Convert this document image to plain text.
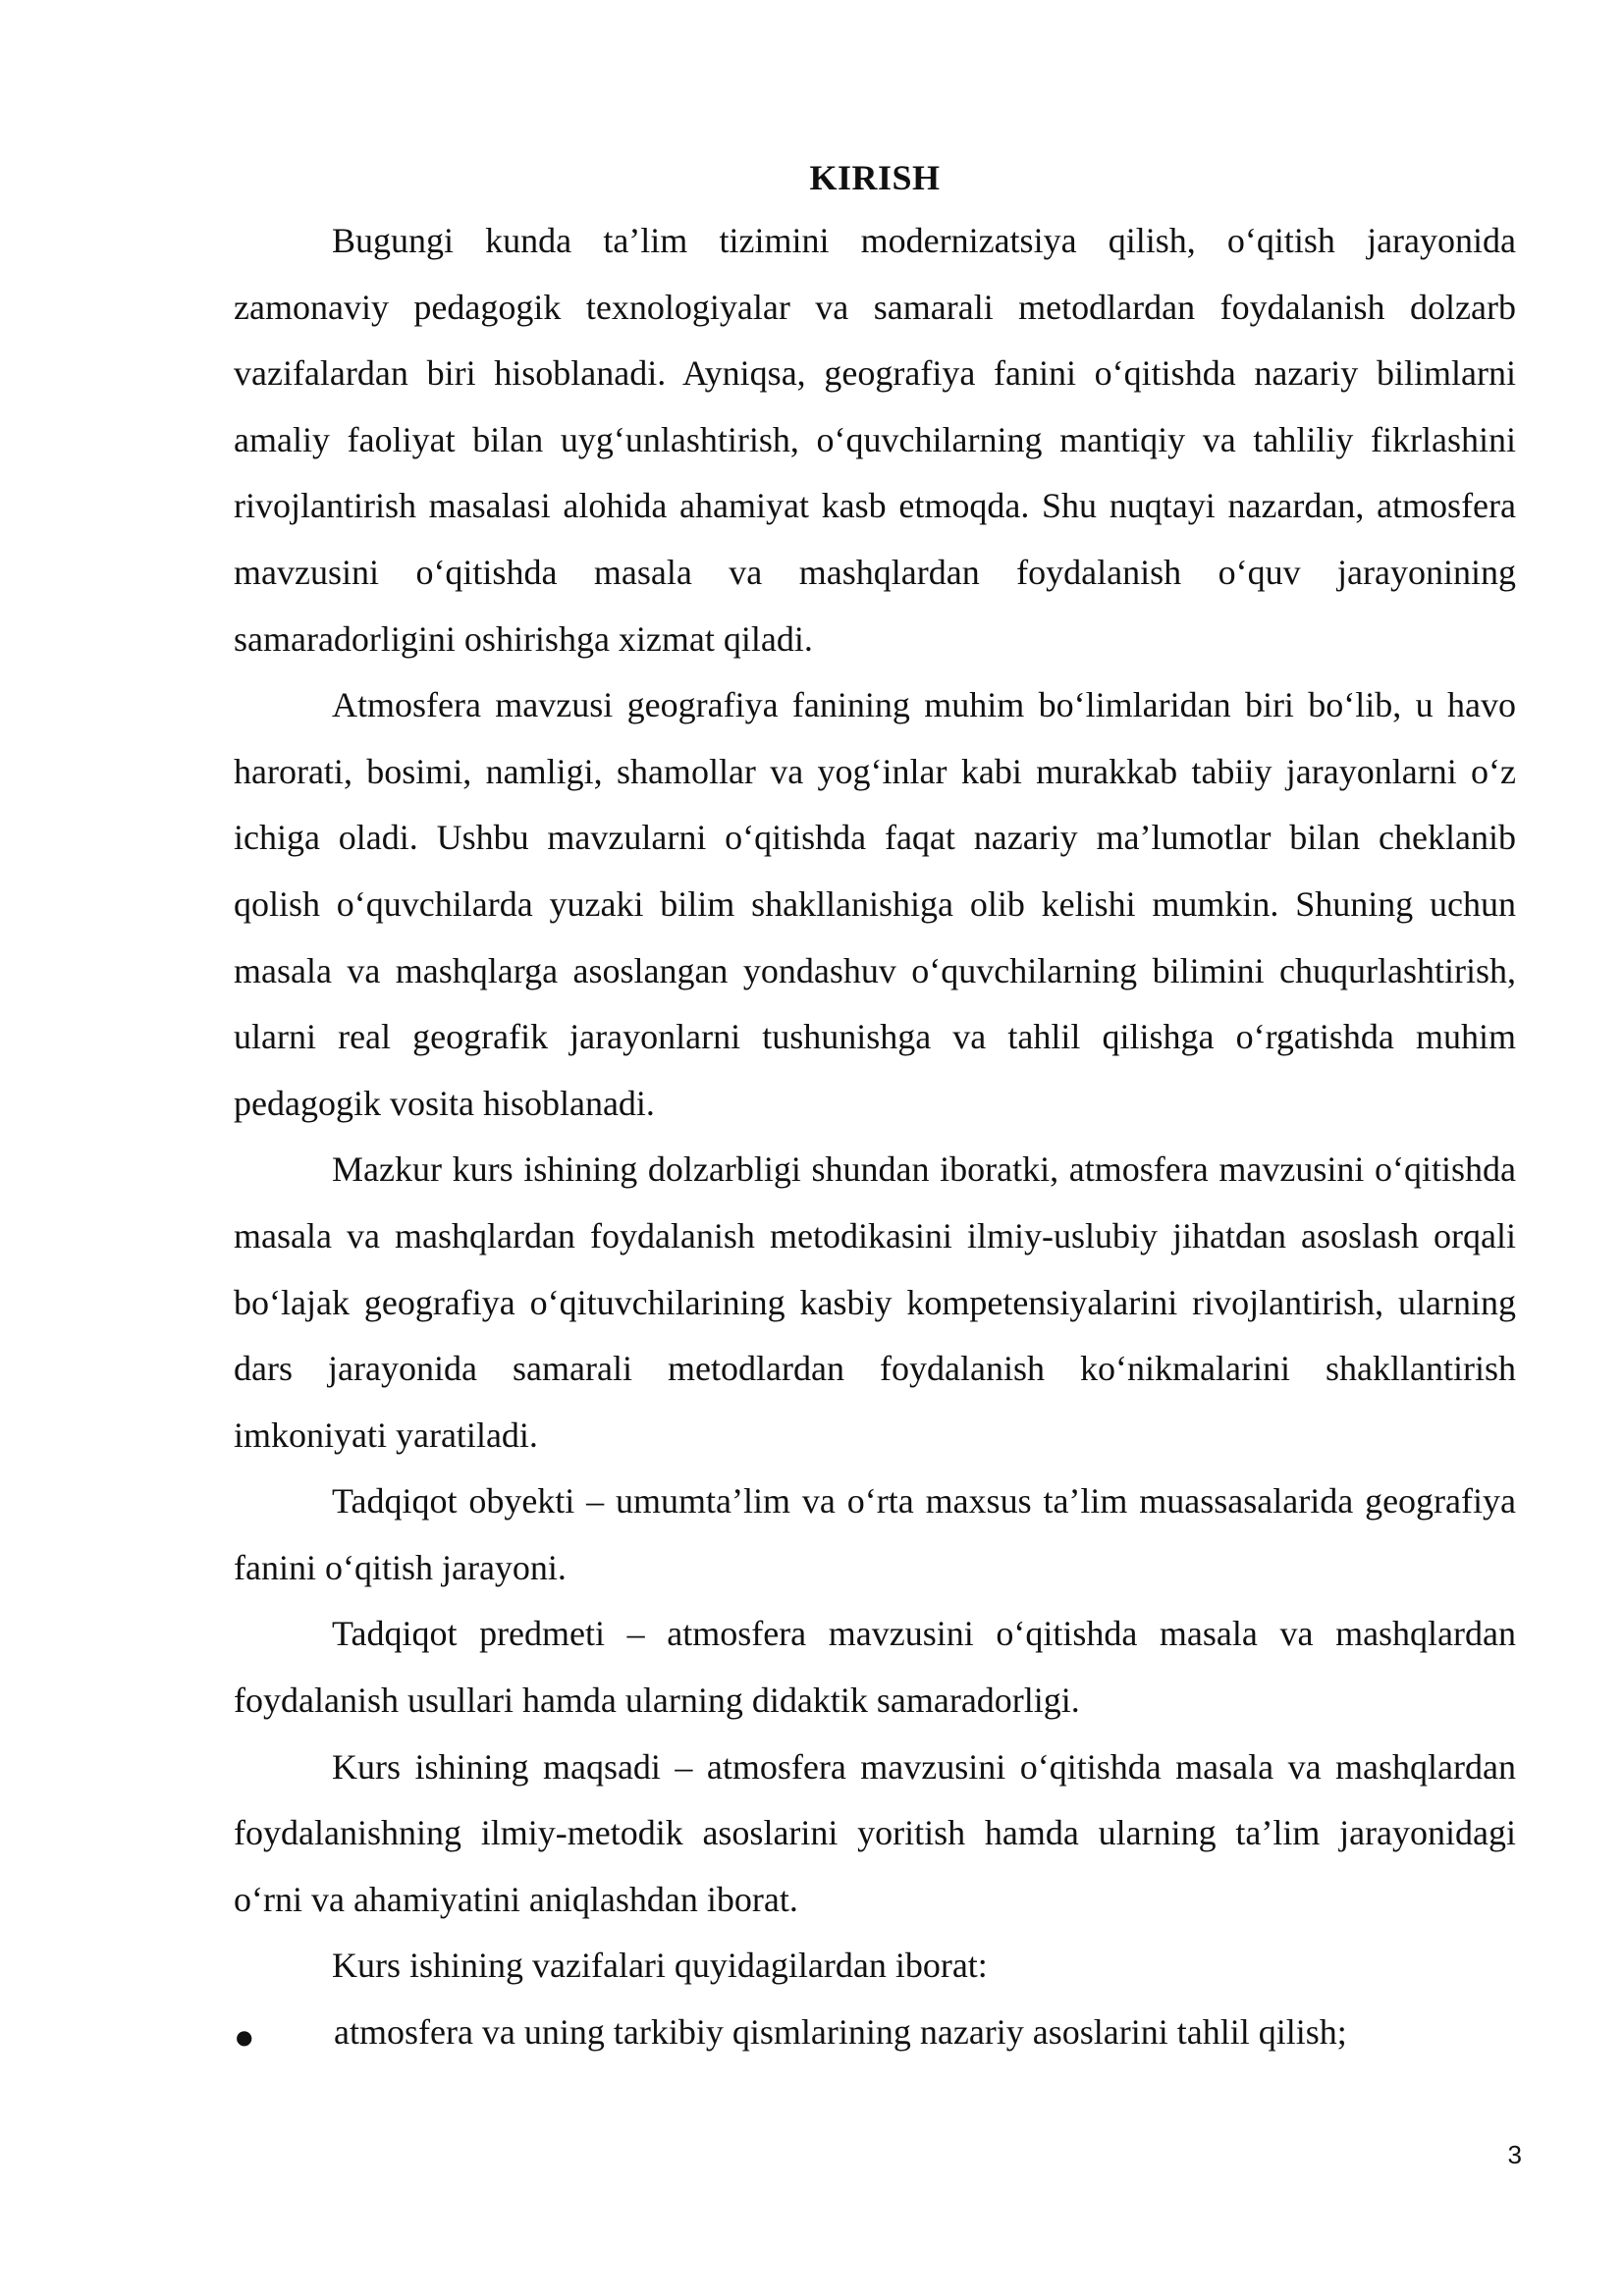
KIRISH

Bugungi kunda ta’lim tizimini modernizatsiya qilish, o‘qitish jarayonida zamonaviy pedagogik texnologiyalar va samarali metodlardan foydalanish dolzarb vazifalardan biri hisoblanadi. Ayniqsa, geografiya fanini o‘qitishda nazariy bilimlarni amaliy faoliyat bilan uyg‘unlashtirish, o‘quvchilarning mantiqiy va tahliliy fikrlashini rivojlantirish masalasi alohida ahamiyat kasb etmoqda. Shu nuqtayi nazardan, atmosfera mavzusini o‘qitishda masala va mashqlardan foydalanish o‘quv jarayonining samaradorligini oshirishga xizmat qiladi.

Atmosfera mavzusi geografiya fanining muhim bo‘limlaridan biri bo‘lib, u havo harorati, bosimi, namligi, shamollar va yog‘inlar kabi murakkab tabiiy jarayonlarni o‘z ichiga oladi. Ushbu mavzularni o‘qitishda faqat nazariy ma’lumotlar bilan cheklanib qolish o‘quvchilarda yuzaki bilim shakllanishiga olib kelishi mumkin. Shuning uchun masala va mashqlarga asoslangan yondashuv o‘quvchilarning bilimini chuqurlashtirish, ularni real geografik jarayonlarni tushunishga va tahlil qilishga o‘rgatishda muhim pedagogik vosita hisoblanadi.

Mazkur kurs ishining dolzarbligi shundan iboratki, atmosfera mavzusini o‘qitishda masala va mashqlardan foydalanish metodikasini ilmiy-uslubiy jihatdan asoslash orqali bo‘lajak geografiya o‘qituvchilarining kasbiy kompetensiyalarini rivojlantirish, ularning dars jarayonida samarali metodlardan foydalanish ko‘nikmalarini shakllantirish imkoniyati yaratiladi.

Tadqiqot obyekti – umumta’lim va o‘rta maxsus ta’lim muassasalarida geografiya fanini o‘qitish jarayoni.

Tadqiqot predmeti – atmosfera mavzusini o‘qitishda masala va mashqlardan foydalanish usullari hamda ularning didaktik samaradorligi.

Kurs ishining maqsadi – atmosfera mavzusini o‘qitishda masala va mashqlardan foydalanishning ilmiy-metodik asoslarini yoritish hamda ularning ta’lim jarayonidagi o‘rni va ahamiyatini aniqlashdan iborat.

Kurs ishining vazifalari quyidagilardan iborat:

●	atmosfera va uning tarkibiy qismlarining nazariy asoslarini tahlil qilish;
3
